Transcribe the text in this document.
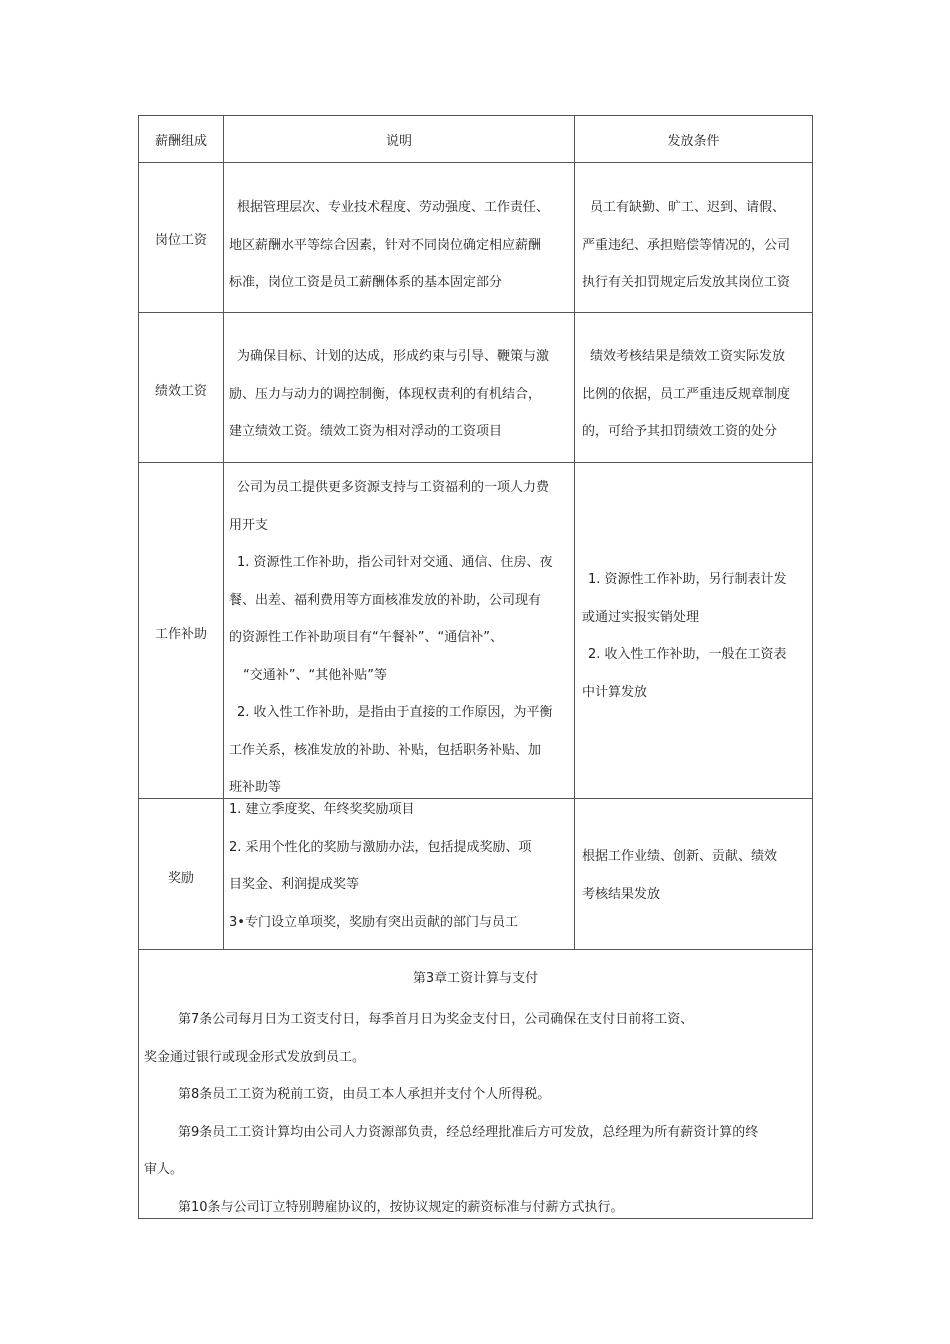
薪酬组成	说明	发放条件
岗位工资

根据管理层次、专业技术程度、劳动强度、工作责任、

地区薪酬水平等综合因素，针对不同岗位确定相应薪酬

标准，岗位工资是员工薪酬体系的基本固定部分

员工有缺勤、旷工、迟到、请假、

严重违纪、承担赔偿等情况的，公司

执行有关扣罚规定后发放其岗位工资

绩效工资

为确保目标、计划的达成，形成约束与引导、鞭策与激

励、压力与动力的调控制衡，体现权责利的有机结合，

建立绩效工资。绩效工资为相对浮动的工资项目

绩效考核结果是绩效工资实际发放

比例的依据，员工严重违反规章制度

的，可给予其扣罚绩效工资的处分

工作补助

公司为员工提供更多资源支持与工资福利的一项人力费

用开支

1. 资源性工作补助，指公司针对交通、通信、住房、夜

餐、出差、福利费用等方面核准发放的补助，公司现有

的资源性工作补助项目有“午餐补”、“通信补”、

“交通补”、“其他补贴”等

2. 收入性工作补助，是指由于直接的工作原因，为平衡

工作关系，核准发放的补助、补贴，包括职务补贴、加

班补助等

1. 资源性工作补助，另行制表计发

或通过实报实销处理

2. 收入性工作补助，一般在工资表

中计算发放

奖励

1. 建立季度奖、年终奖奖励项目

2. 采用个性化的奖励与激励办法，包括提成奖励、项

目奖金、利润提成奖等

3•专门设立单项奖，奖励有突出贡献的部门与员工

根据工作业绩、创新、贡献、绩效

考核结果发放

第3章工资计算与支付
第7条公司每月日为工资支付日，每季首月日为奖金支付日，公司确保在支付日前将工资、
奖金通过银行或现金形式发放到员工。
第8条员工工资为税前工资，由员工本人承担并支付个人所得税。
第9条员工工资计算均由公司人力资源部负责，经总经理批准后方可发放，总经理为所有薪资计算的终
审人。
第10条与公司订立特别聘雇协议的，按协议规定的薪资标准与付薪方式执行。
